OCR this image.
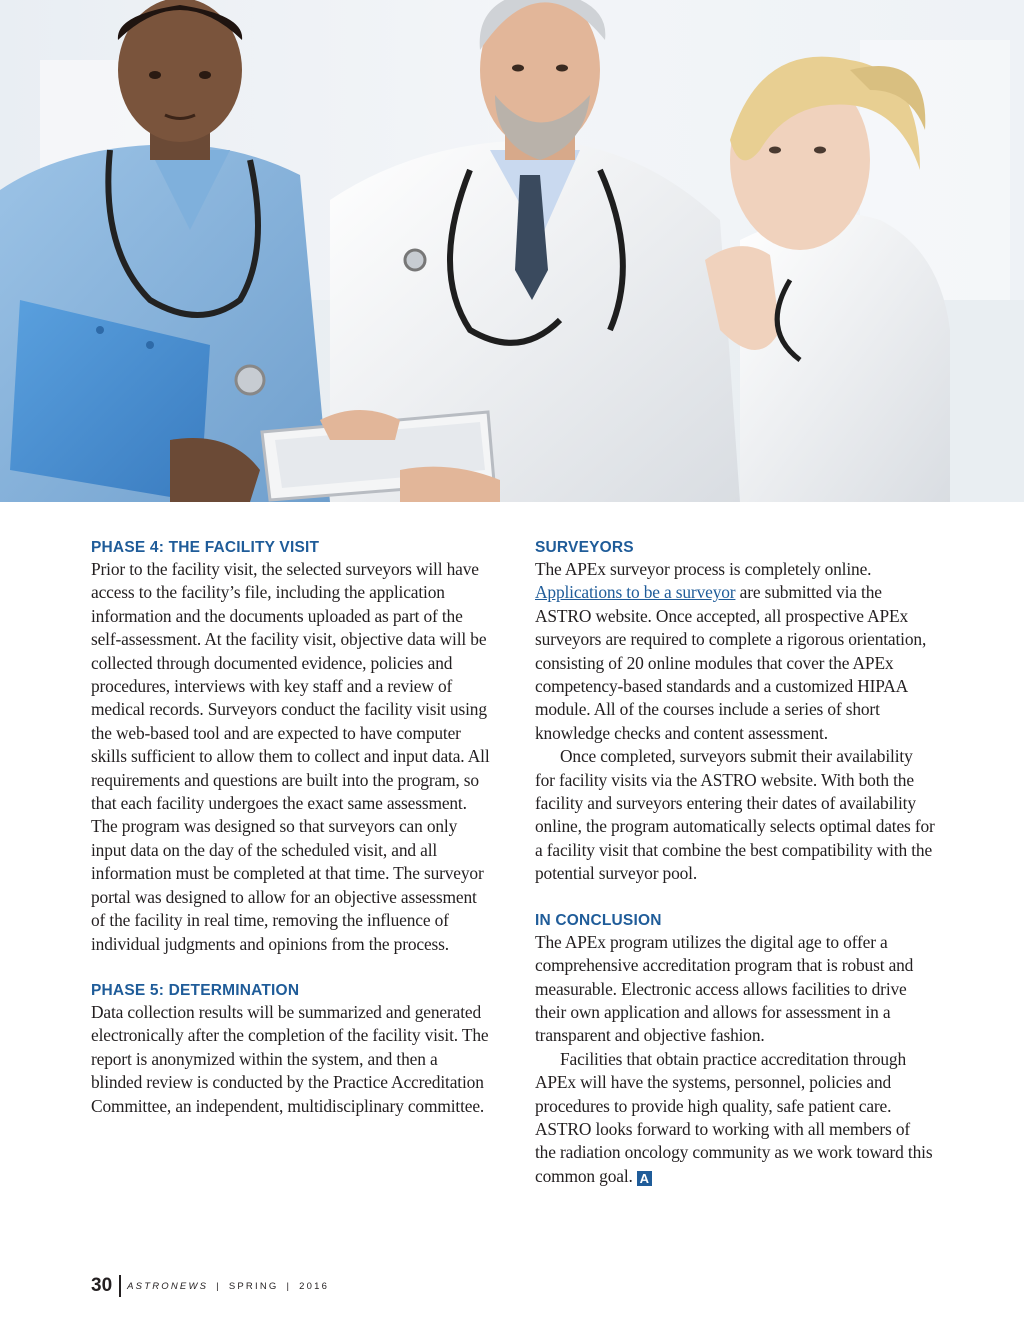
PHASE 4: THE FACILITY VISIT

Prior to the facility visit, the selected surveyors will have access to the facility’s file, including the application information and the documents uploaded as part of the self-assessment. At the facility visit, objective data will be collected through documented evidence, policies and procedures, interviews with key staff and a review of medical records. Surveyors conduct the facility visit using the web-based tool and are expected to have computer skills sufficient to allow them to collect and input data. All requirements and questions are built into the program, so that each facility undergoes the exact same assessment. The program was designed so that surveyors can only input data on the day of the scheduled visit, and all information must be completed at that time. The surveyor portal was designed to allow for an objective assessment of the facility in real time, removing the influence of individual judgments and opinions from the process.

PHASE 5: DETERMINATION

Data collection results will be summarized and generated electronically after the completion of the facility visit. The report is anonymized within the system, and then a blinded review is conducted by the Practice Accreditation Committee, an independent, multidisciplinary committee.

SURVEYORS

The APEx surveyor process is completely online. Applications to be a surveyor are submitted via the ASTRO website. Once accepted, all prospective APEx surveyors are required to complete a rigorous orientation, consisting of 20 online modules that cover the APEx competency-based standards and a customized HIPAA module. All of the courses include a series of short knowledge checks and content assessment.

Once completed, surveyors submit their availability for facility visits via the ASTRO website. With both the facility and surveyors entering their dates of availability online, the program automatically selects optimal dates for a facility visit that combine the best compatibility with the potential surveyor pool.

IN CONCLUSION

The APEx program utilizes the digital age to offer a comprehensive accreditation program that is robust and measurable. Electronic access allows facilities to drive their own application and allows for assessment in a transparent and objective fashion.

Facilities that obtain practice accreditation through APEx will have the systems, personnel, policies and procedures to provide high quality, safe patient care. ASTRO looks forward to working with all members of the radiation oncology community as we work toward this common goal. A

30 ASTRONEWS | SPRING | 2016
